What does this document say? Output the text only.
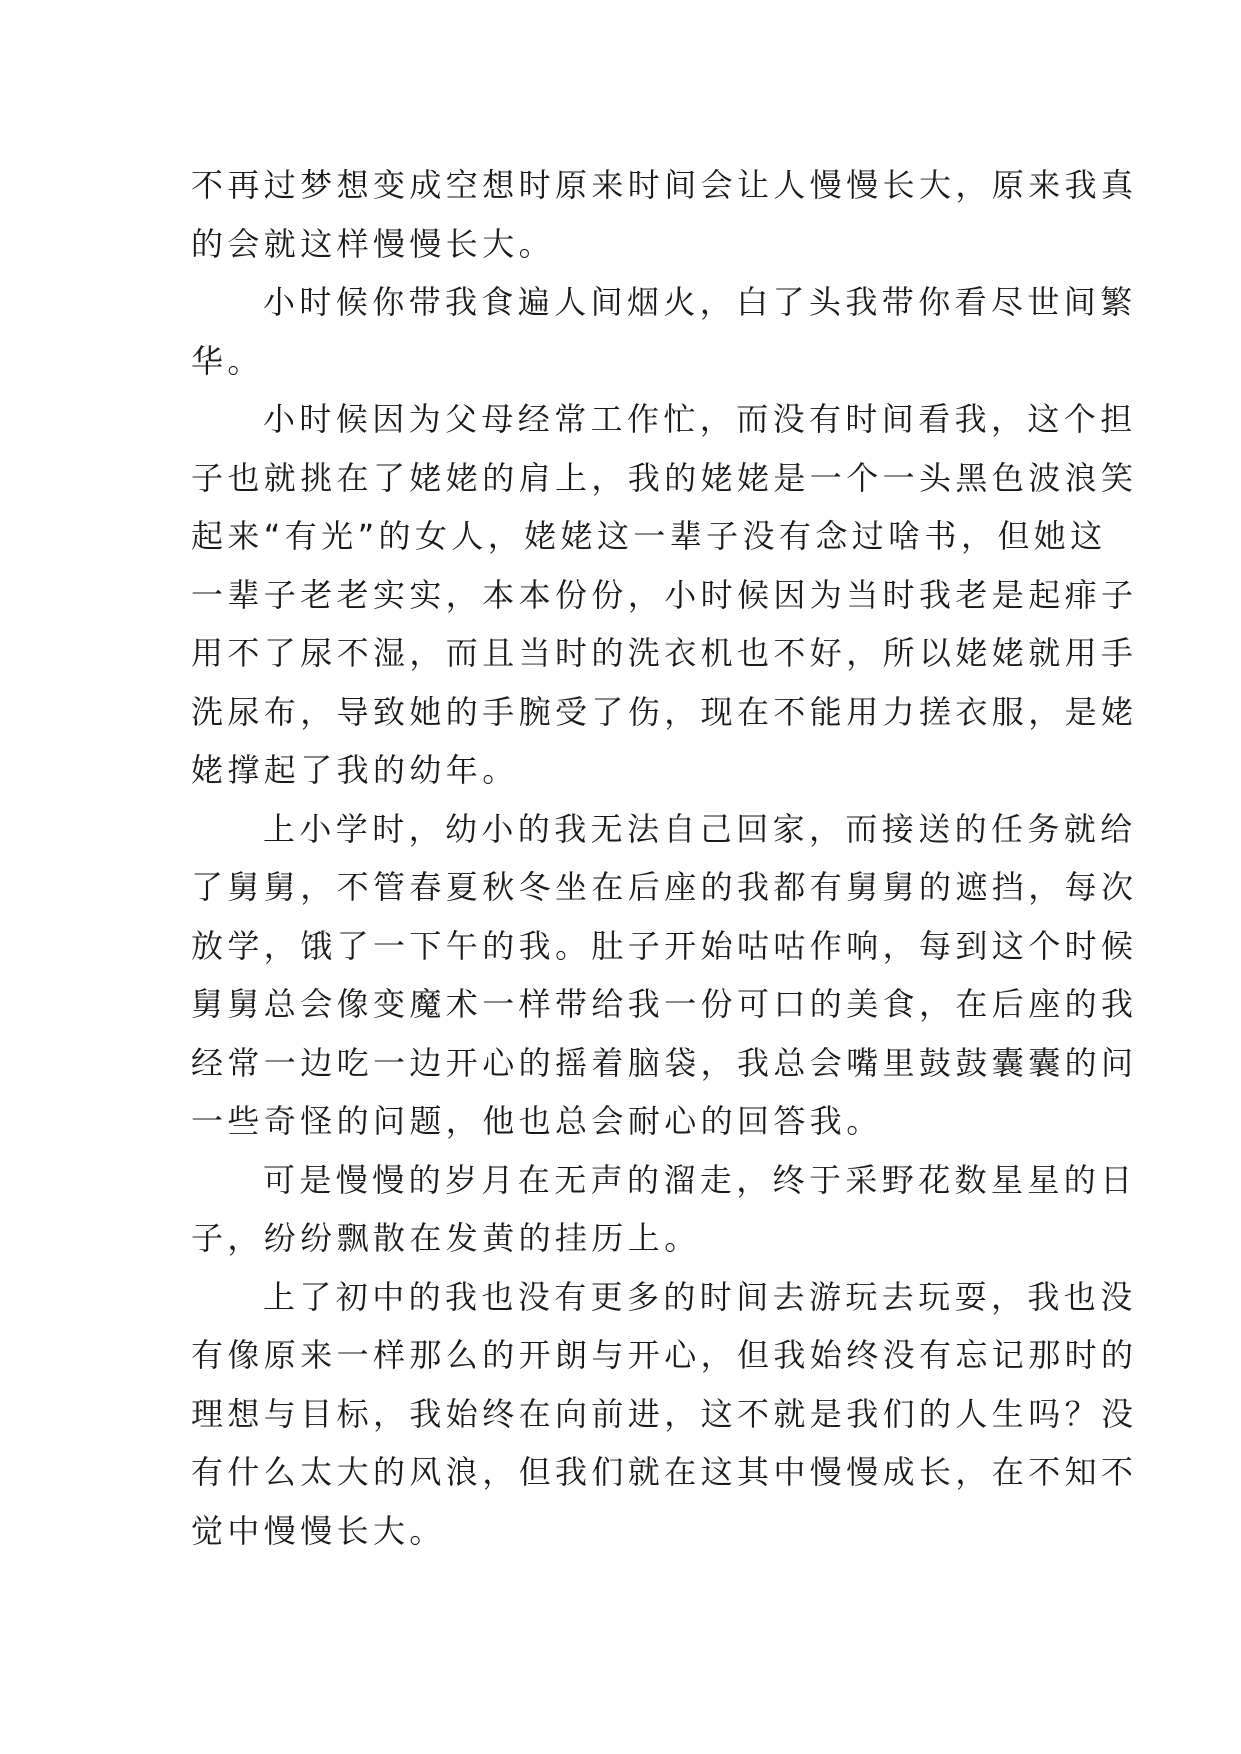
不再过梦想变成空想时原来时间会让人慢慢长大，原来我真
的会就这样慢慢长大。
小时候你带我食遍人间烟火，白了头我带你看尽世间繁
华。
小时候因为父母经常工作忙，而没有时间看我，这个担
子也就挑在了姥姥的肩上，我的姥姥是一个一头黑色波浪笑
起来“有光”的女人，姥姥这一辈子没有念过啥书，但她这
一辈子老老实实，本本份份，小时候因为当时我老是起痱子
用不了尿不湿，而且当时的洗衣机也不好，所以姥姥就用手
洗尿布，导致她的手腕受了伤，现在不能用力搓衣服，是姥
姥撑起了我的幼年。
上小学时，幼小的我无法自己回家，而接送的任务就给
了舅舅，不管春夏秋冬坐在后座的我都有舅舅的遮挡，每次
放学，饿了一下午的我。肚子开始咕咕作响，每到这个时候
舅舅总会像变魔术一样带给我一份可口的美食，在后座的我
经常一边吃一边开心的摇着脑袋，我总会嘴里鼓鼓囊囊的问
一些奇怪的问题，他也总会耐心的回答我。
可是慢慢的岁月在无声的溜走，终于采野花数星星的日
子，纷纷飘散在发黄的挂历上。
上了初中的我也没有更多的时间去游玩去玩耍，我也没
有像原来一样那么的开朗与开心，但我始终没有忘记那时的
理想与目标，我始终在向前进，这不就是我们的人生吗？没
有什么太大的风浪，但我们就在这其中慢慢成长，在不知不
觉中慢慢长大。
